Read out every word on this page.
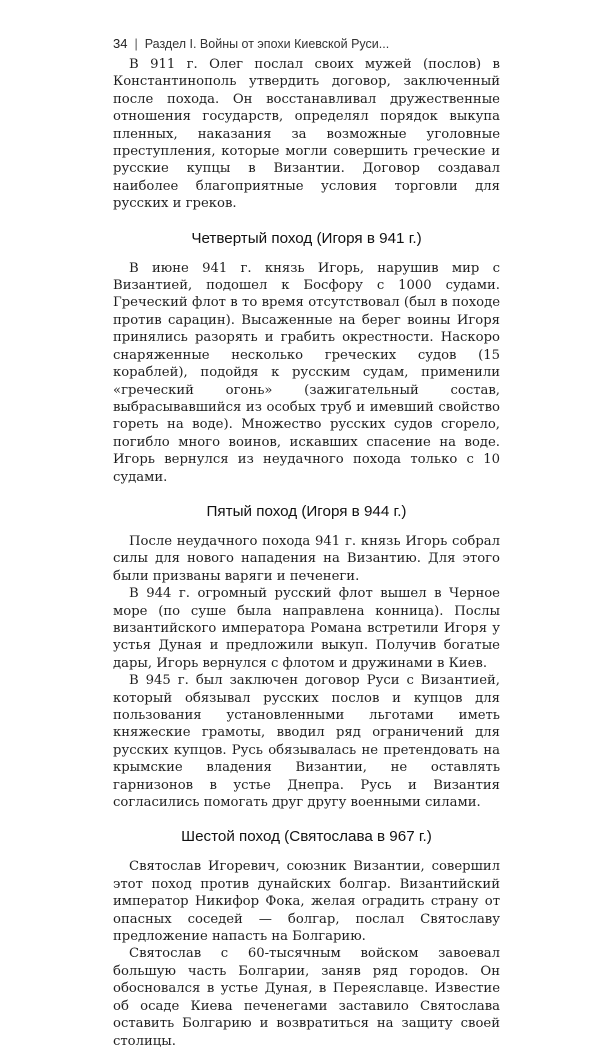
34 | Раздел I. Войны от эпохи Киевской Руси...

В 911 г. Олег послал своих мужей (послов) в Константинополь утвердить договор, заключенный после похода. Он восстанавливал дружественные отношения государств, определял порядок выкупа пленных, наказания за возможные уголовные преступления, которые могли совершить греческие и русские купцы в Византии. Договор создавал наиболее благоприятные условия торговли для русских и греков.

Четвертый поход (Игоря в 941 г.)

В июне 941 г. князь Игорь, нарушив мир с Византией, подошел к Босфору с 1000 судами. Греческий флот в то время отсутствовал (был в походе против сарацин). Высаженные на берег воины Игоря принялись разорять и грабить окрестности. Наскоро снаряженные несколько греческих судов (15 кораблей), подойдя к русским судам, применили «греческий огонь» (зажигательный состав, выбрасывавшийся из особых труб и имевший свойство гореть на воде). Множество русских судов сгорело, погибло много воинов, искавших спасение на воде. Игорь вернулся из неудачного похода только с 10 судами.

Пятый поход (Игоря в 944 г.)

После неудачного похода 941 г. князь Игорь собрал силы для нового нападения на Византию. Для этого были призваны варяги и печенеги.

В 944 г. огромный русский флот вышел в Черное море (по суше была направлена конница). Послы византийского императора Романа встретили Игоря у устья Дуная и предложили выкуп. Получив богатые дары, Игорь вернулся с флотом и дружинами в Киев.

В 945 г. был заключен договор Руси с Византией, который обязывал русских послов и купцов для пользования установленными льготами иметь княжеские грамоты, вводил ряд ограничений для русских купцов. Русь обязывалась не претендовать на крымские владения Византии, не оставлять гарнизонов в устье Днепра. Русь и Византия согласились помогать друг другу военными силами.

Шестой поход (Святослава в 967 г.)

Святослав Игоревич, союзник Византии, совершил этот поход против дунайских болгар. Византийский император Никифор Фока, желая оградить страну от опасных соседей — болгар, послал Святославу предложение напасть на Болгарию.

Святослав с 60-тысячным войском завоевал большую часть Болгарии, заняв ряд городов. Он обосновался в устье Дуная, в Переяславце. Известие об осаде Киева печенегами заставило Святослава оставить Болгарию и возвратиться на защиту своей столицы.
